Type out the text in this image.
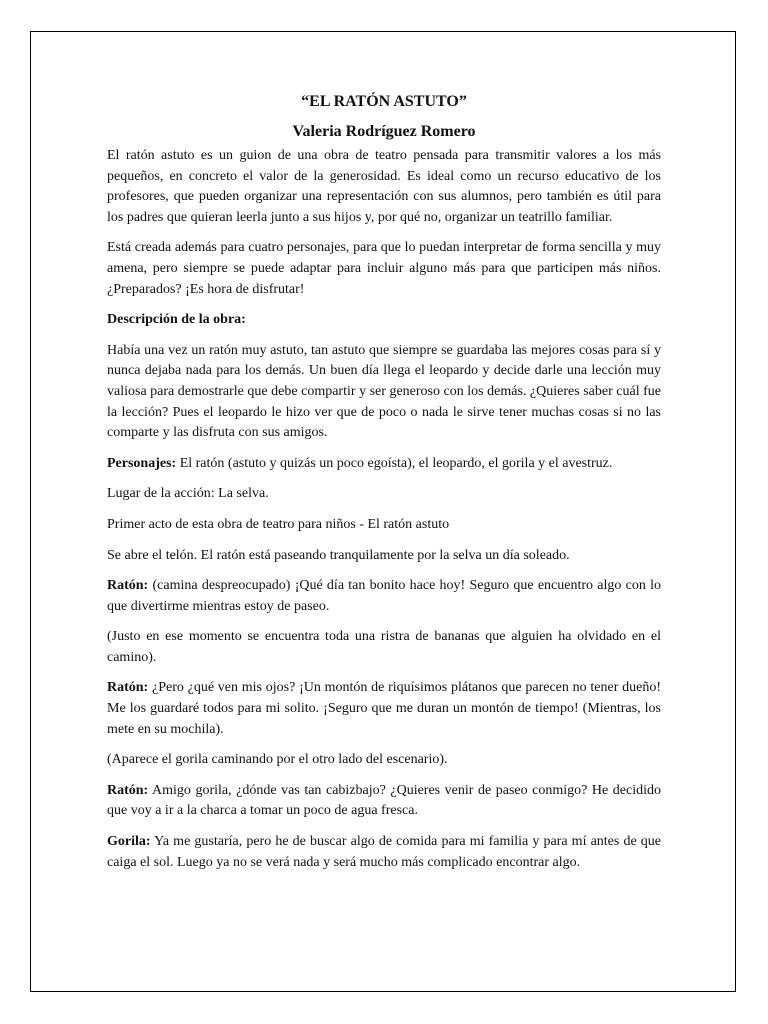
“EL RATÓN ASTUTO”
Valeria Rodríguez Romero

El ratón astuto es un guion de una obra de teatro pensada para transmitir valores a los más pequeños, en concreto el valor de la generosidad. Es ideal como un recurso educativo de los profesores, que pueden organizar una representación con sus alumnos, pero también es útil para los padres que quieran leerla junto a sus hijos y, por qué no, organizar un teatrillo familiar.

Está creada además para cuatro personajes, para que lo puedan interpretar de forma sencilla y muy amena, pero siempre se puede adaptar para incluir alguno más para que participen más niños. ¿Preparados? ¡Es hora de disfrutar!

Descripción de la obra:

Había una vez un ratón muy astuto, tan astuto que siempre se guardaba las mejores cosas para sí y nunca dejaba nada para los demás. Un buen día llega el leopardo y decide darle una lección muy valiosa para demostrarle que debe compartir y ser generoso con los demás. ¿Quieres saber cuál fue la lección? Pues el leopardo le hizo ver que de poco o nada le sirve tener muchas cosas si no las comparte y las disfruta con sus amigos.

Personajes: El ratón (astuto y quizás un poco egoísta), el leopardo, el gorila y el avestruz.

Lugar de la acción: La selva.

Primer acto de esta obra de teatro para niños - El ratón astuto

Se abre el telón. El ratón está paseando tranquilamente por la selva un día soleado.

Ratón: (camina despreocupado) ¡Qué día tan bonito hace hoy! Seguro que encuentro algo con lo que divertirme mientras estoy de paseo.

(Justo en ese momento se encuentra toda una ristra de bananas que alguien ha olvidado en el camino).

Ratón: ¿Pero ¿qué ven mis ojos? ¡Un montón de riquísimos plátanos que parecen no tener dueño! Me los guardaré todos para mi solito. ¡Seguro que me duran un montón de tiempo! (Mientras, los mete en su mochila).

(Aparece el gorila caminando por el otro lado del escenario).

Ratón: Amigo gorila, ¿dónde vas tan cabizbajo? ¿Quieres venir de paseo conmigo? He decidido que voy a ir a la charca a tomar un poco de agua fresca.

Gorila: Ya me gustaría, pero he de buscar algo de comida para mi familia y para mí antes de que caiga el sol. Luego ya no se verá nada y será mucho más complicado encontrar algo.
